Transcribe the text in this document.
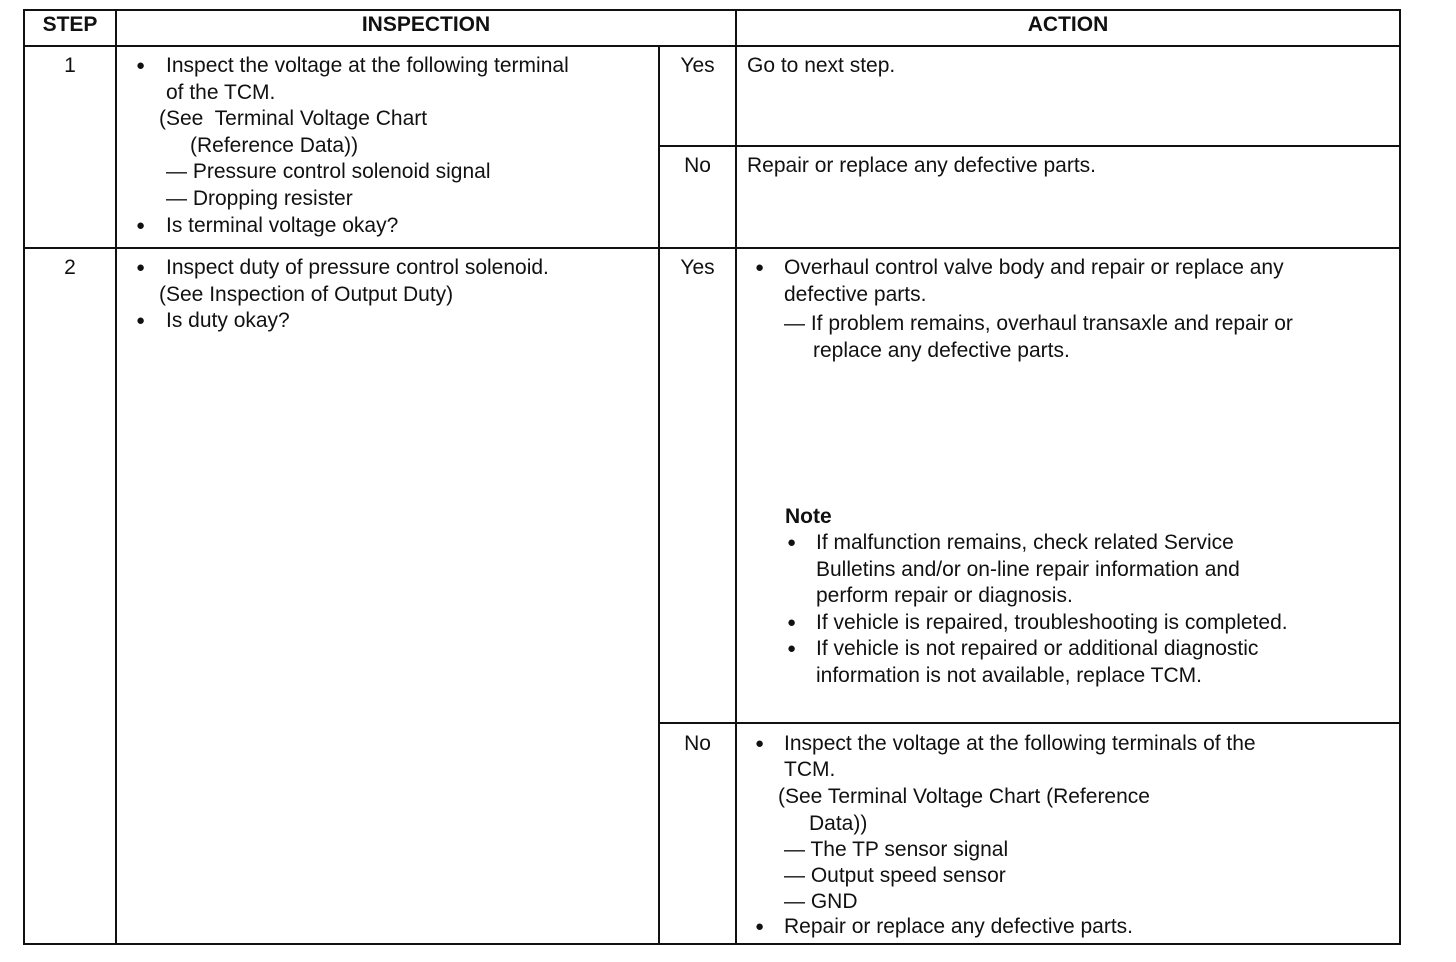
STEP	INSPECTION	ACTION
1	● Inspect the voltage at the following terminal
of the TCM.
(See  Terminal Voltage Chart
(Reference Data))
— Pressure control solenoid signal
— Dropping resister
● Is terminal voltage okay?
Yes	Go to next step.
No	Repair or replace any defective parts.
2	● Inspect duty of pressure control solenoid.
(See Inspection of Output Duty)
● Is duty okay?
Yes	● Overhaul control valve body and repair or replace any
defective parts.
— If problem remains, overhaul transaxle and repair or
replace any defective parts.
Note
● If malfunction remains, check related Service
Bulletins and/or on-line repair information and
perform repair or diagnosis.
● If vehicle is repaired, troubleshooting is completed.
● If vehicle is not repaired or additional diagnostic
information is not available, replace TCM.
No	● Inspect the voltage at the following terminals of the
TCM.
(See Terminal Voltage Chart (Reference
Data))
— The TP sensor signal
— Output speed sensor
— GND
● Repair or replace any defective parts.
